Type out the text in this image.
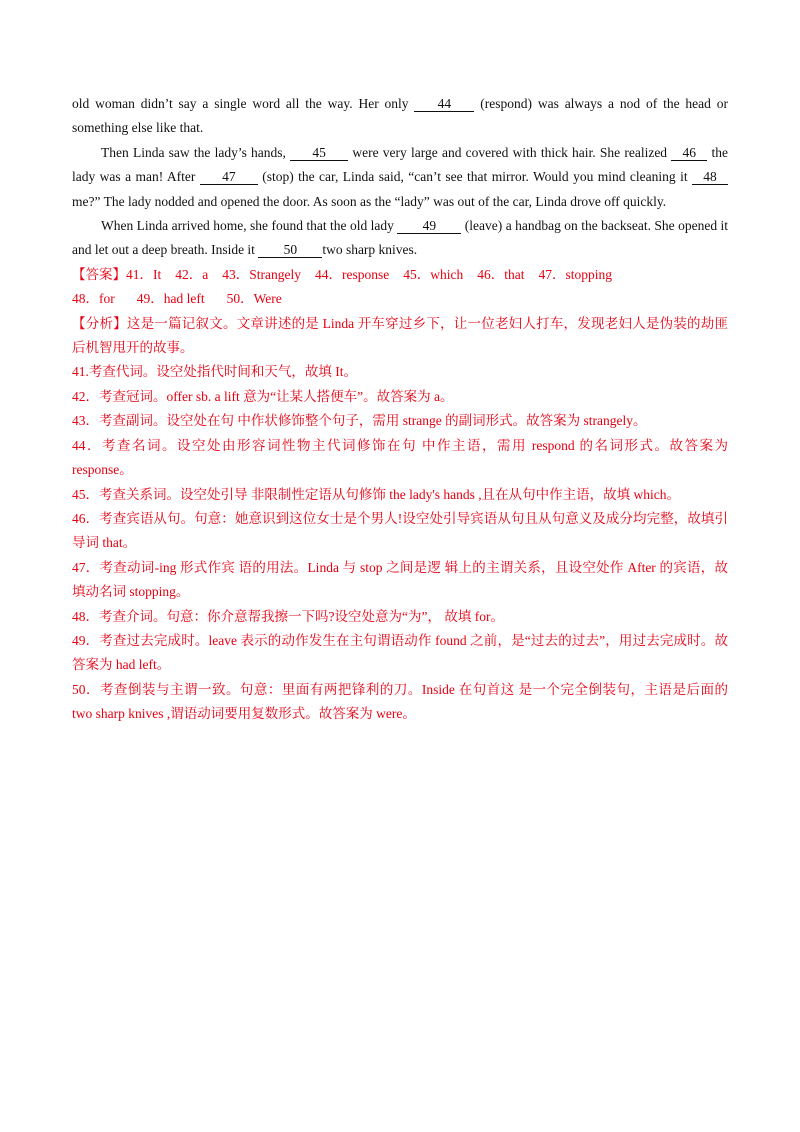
old woman didn’t say a single word all the way. Her only 44 (respond) was always a nod of the head or something else like that.

Then Linda saw the lady’s hands, 45 were very large and covered with thick hair. She realized 46 the lady was a man! After 47 (stop) the car, Linda said, “can’t see that mirror. Would you mind cleaning it 48me?” The lady nodded and opened the door. As soon as the “lady” was out of the car, Linda drove off quickly.

When Linda arrived home, she found that the old lady 49 (leave) a handbag on the backseat. She opened it and let out a deep breath. Inside it 50 two sharp knives.

【答案】41．It 42．a 43．Strangely 44．response 45．which 46．that 47．stopping

48．for 49．had left 50．Were

【分析】这是一篇记叙文。文章讲述的是 Linda 开车穿过乡下，让一位老妇人打车，发现老妇人是伪装的劫匪后机智甩开的故事。

41.考查代词。设空处指代时间和天气，故填 It。

42．考查冠词。offer sb. a lift 意为“让某人搭便车”。故答案为 a。

43．考查副词。设空处在句 中作状修饰整个句子，需用 strange 的副词形式。故答案为 strangely。

44．考查名词。设空处由形容词性物主代词修饰在句 中作主语，需用 respond 的名词形式。故答案为 response。

45．考查关系词。设空处引导 非限制性定语从句修饰 the lady's hands ,且在从句中作主语，故填 which。

46．考查宾语从句。句意：她意识到这位女士是个男人!设空处引导宾语从句且从句意义及成分均完整，故填引导词 that。

47．考查动词-ing 形式作宾 语的用法。Linda 与 stop 之间是逻 辑上的主谓关系，且设空处作 After 的宾语，故填动名词 stopping。

48．考查介词。句意：你介意帮我擦一下吗?设空处意为“为”， 故填 for。

49．考查过去完成时。leave 表示的动作发生在主句谓语动作 found 之前，是“过去的过去”，用过去完成时。故答案为 had left。

50．考查倒装与主谓一致。句意：里面有两把锋利的刀。Inside 在句首这 是一个完全倒装句，主语是后面的 two sharp knives ,谓语动词要用复数形式。故答案为 were。
